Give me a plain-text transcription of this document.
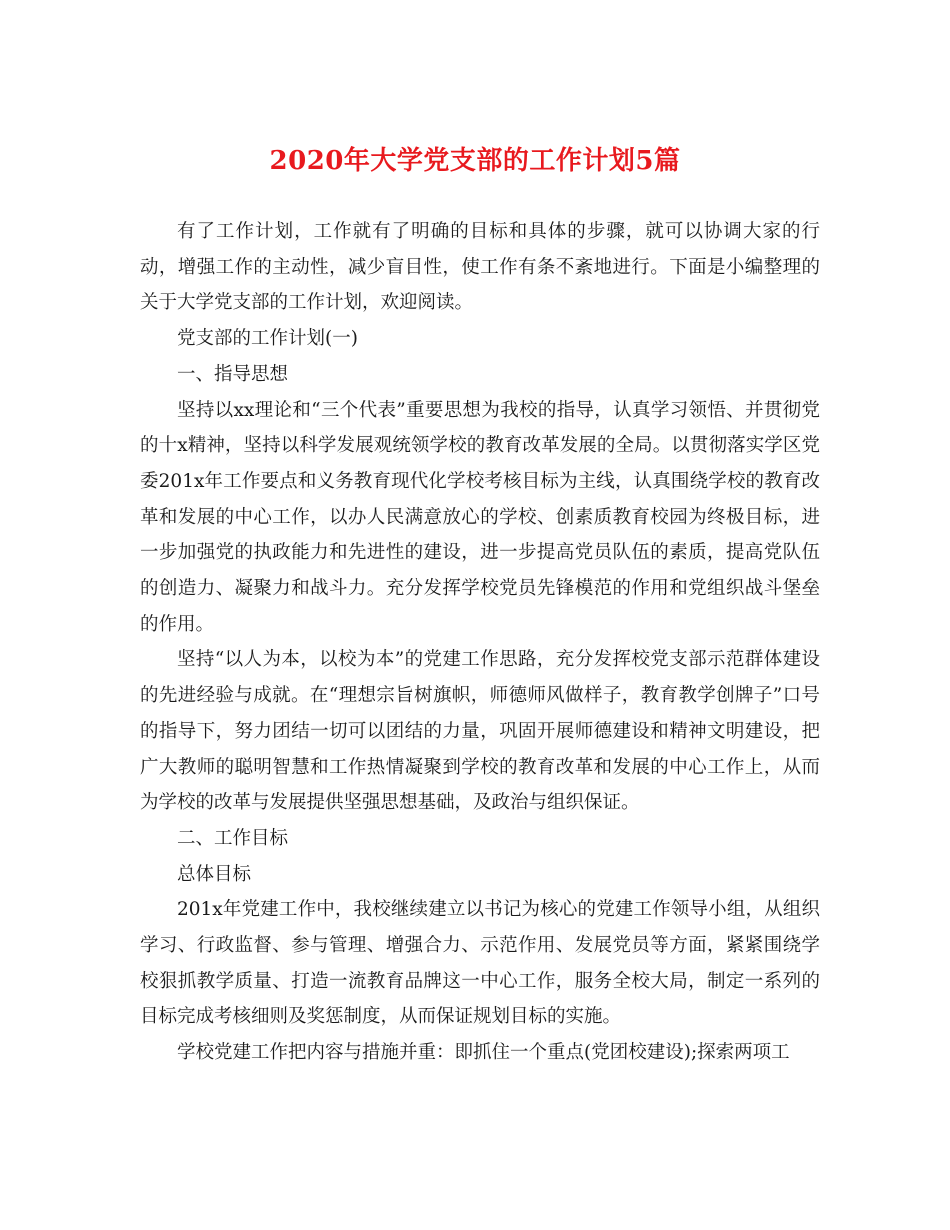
2020年大学党支部的工作计划5篇

有了工作计划，工作就有了明确的目标和具体的步骤，就可以协调大家的行动，增强工作的主动性，减少盲目性，使工作有条不紊地进行。下面是小编整理的关于大学党支部的工作计划，欢迎阅读。

党支部的工作计划(一)

一、指导思想

坚持以xx理论和“三个代表”重要思想为我校的指导，认真学习领悟、并贯彻党的十x精神，坚持以科学发展观统领学校的教育改革发展的全局。以贯彻落实学区党委201x年工作要点和义务教育现代化学校考核目标为主线，认真围绕学校的教育改革和发展的中心工作，以办人民满意放心的学校、创素质教育校园为终极目标，进一步加强党的执政能力和先进性的建设，进一步提高党员队伍的素质，提高党队伍的创造力、凝聚力和战斗力。充分发挥学校党员先锋模范的作用和党组织战斗堡垒的作用。

坚持“以人为本，以校为本”的党建工作思路，充分发挥校党支部示范群体建设的先进经验与成就。在“理想宗旨树旗帜，师德师风做样子，教育教学创牌子”口号的指导下，努力团结一切可以团结的力量，巩固开展师德建设和精神文明建设，把广大教师的聪明智慧和工作热情凝聚到学校的教育改革和发展的中心工作上，从而为学校的改革与发展提供坚强思想基础，及政治与组织保证。

二、工作目标

总体目标

201x年党建工作中，我校继续建立以书记为核心的党建工作领导小组，从组织学习、行政监督、参与管理、增强合力、示范作用、发展党员等方面，紧紧围绕学校狠抓教学质量、打造一流教育品牌这一中心工作，服务全校大局，制定一系列的目标完成考核细则及奖惩制度，从而保证规划目标的实施。

学校党建工作把内容与措施并重：即抓住一个重点(党团校建设);探索两项工
